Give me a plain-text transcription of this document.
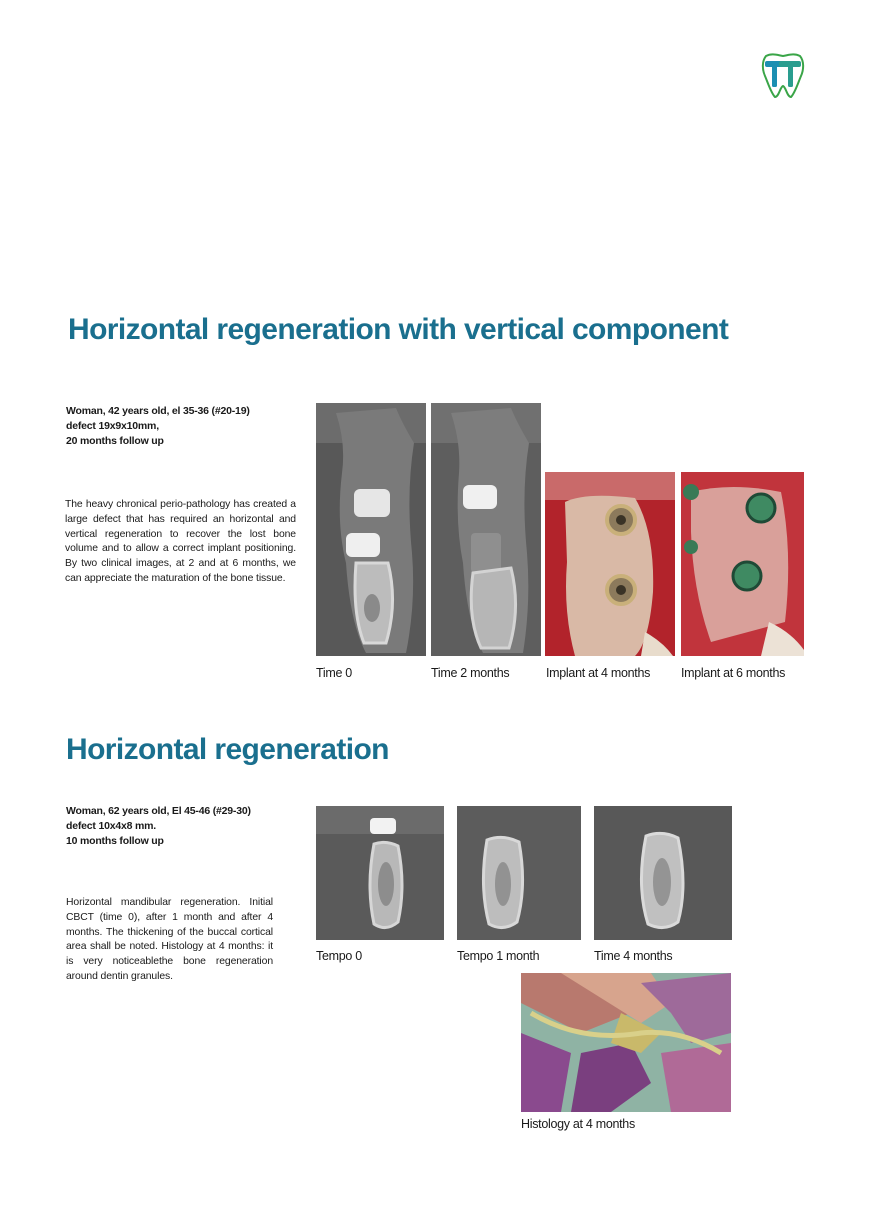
Horizontal regeneration with vertical component
Woman, 42 years old, el 35-36 (#20-19)
defect 19x9x10mm,
20 months follow up

The heavy chronical perio-pathology has created a large defect that has required an horizontal and vertical regeneration to recover the lost bone volume and to allow a correct implant positioning. By two clinical images, at 2 and at 6 months, we can appreciate the maturation of the bone tissue.

Time 0	Time 2 months	Implant at 4 months Implant at 6 months
Horizontal regeneration
Woman, 62 years old, El 45-46 (#29-30)
defect 10x4x8 mm.
10 months follow up

Horizontal mandibular regeneration. Initial CBCT (time 0), after 1 month and after 4 months. The thickening of the buccal cortical area shall be noted. Histology at 4 months: it is very noticeablethe bone regeneration around dentin granules.

Tempo 0	Tempo 1 month	Time 4 months
Histology at 4 months
